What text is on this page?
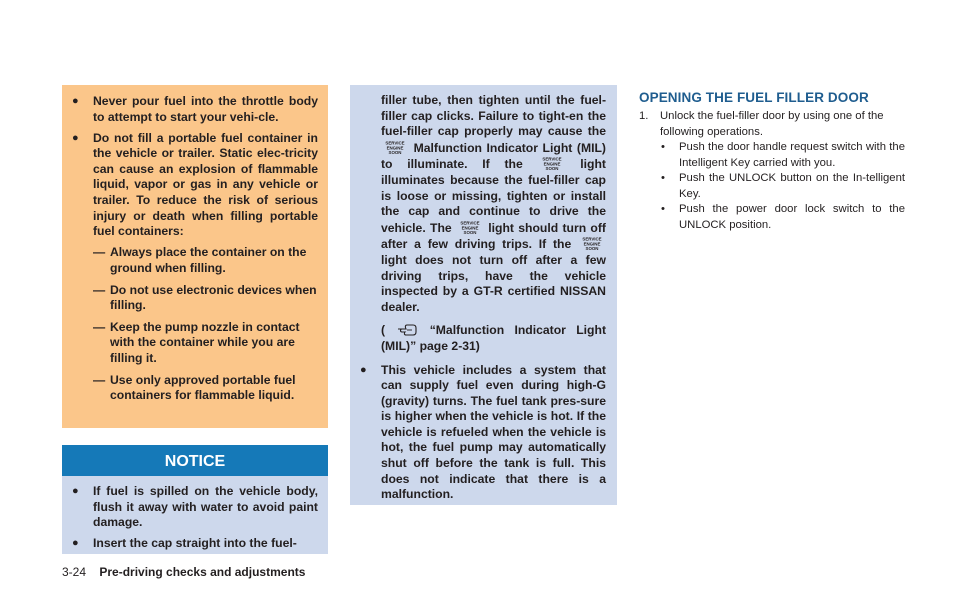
●	Never pour fuel into the throttle body to attempt to start your vehi-cle.
●	Do not fill a portable fuel container in the vehicle or trailer. Static elec-tricity can cause an explosion of flammable liquid, vapor or gas in any vehicle or trailer. To reduce the risk of serious injury or death when filling portable fuel containers:
— Always place the container on the ground when filling.
— Do not use electronic devices when filling.
— Keep the pump nozzle in contact with the container while you are filling it.
— Use only approved portable fuel containers for flammable liquid.
NOTICE
●	If fuel is spilled on the vehicle body, flush it away with water to avoid paint damage.
●	Insert the cap straight into the fuel-
filler tube, then tighten until the fuel-filler cap clicks. Failure to tight-en the fuel-filler cap properly may cause the
SERVICE
ENGINE
SOON Malfunction Indicator Light (MIL) to illuminate. If the	SERVICE
ENGINE
SOON light illuminates because the fuel-filler cap is loose or missing, tighten or install the cap and continue to drive the vehicle. The SERVICE
ENGINE
SOON light should turn off after a few driving trips. If the	SERVICE
ENGINE
SOON
light does not turn off after a few driving trips, have the vehicle inspected by a GT-R certified NISSAN dealer.
(	“Malfunction Indicator Light (MIL)” page 2-31)
●	This vehicle includes a system that can supply fuel even during high-G (gravity) turns. The fuel tank pres-sure is higher when the vehicle is hot. If the vehicle is refueled when the vehicle is hot, the fuel pump may automatically shut off before the tank is full. This does not indicate that there is a malfunction.
OPENING THE FUEL FILLER DOOR
1.	Unlock the fuel-filler door by using one of the following operations.
•	Push the door handle request switch with the Intelligent Key carried with you.
•	Push the UNLOCK button on the In-telligent Key.
•	Push the power door lock switch to the UNLOCK position.
3-24 Pre-driving checks and adjustments
